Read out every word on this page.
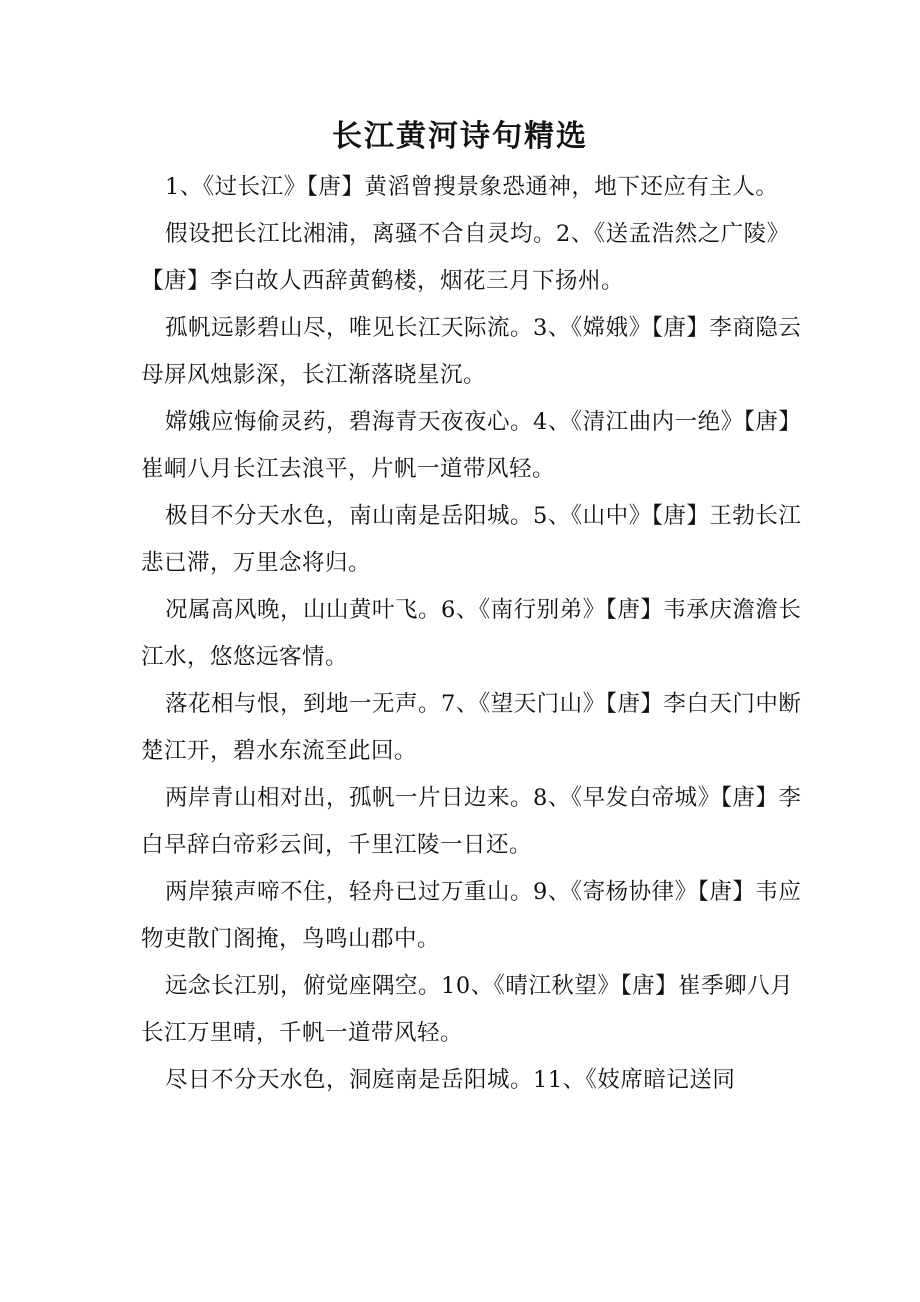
长江黄河诗句精选

1、《过长江》【唐】黄滔曾搜景象恐通神，地下还应有主人。

假设把长江比湘浦，离骚不合自灵均。2、《送孟浩然之广陵》【唐】李白故人西辞黄鹤楼，烟花三月下扬州。

孤帆远影碧山尽，唯见长江天际流。3、《嫦娥》【唐】李商隐云母屏风烛影深，长江渐落晓星沉。

嫦娥应悔偷灵药，碧海青天夜夜心。4、《清江曲内一绝》【唐】崔峒八月长江去浪平，片帆一道带风轻。

极目不分天水色，南山南是岳阳城。5、《山中》【唐】王勃长江悲已滞，万里念将归。

况属高风晚，山山黄叶飞。6、《南行别弟》【唐】韦承庆澹澹长江水，悠悠远客情。

落花相与恨，到地一无声。7、《望天门山》【唐】李白天门中断楚江开，碧水东流至此回。

两岸青山相对出，孤帆一片日边来。8、《早发白帝城》【唐】李白早辞白帝彩云间，千里江陵一日还。

两岸猿声啼不住，轻舟已过万重山。9、《寄杨协律》【唐】韦应物吏散门阁掩，鸟鸣山郡中。

远念长江别，俯觉座隅空。10、《晴江秋望》【唐】崔季卿八月长江万里晴，千帆一道带风轻。

尽日不分天水色，洞庭南是岳阳城。11、《妓席暗记送同
